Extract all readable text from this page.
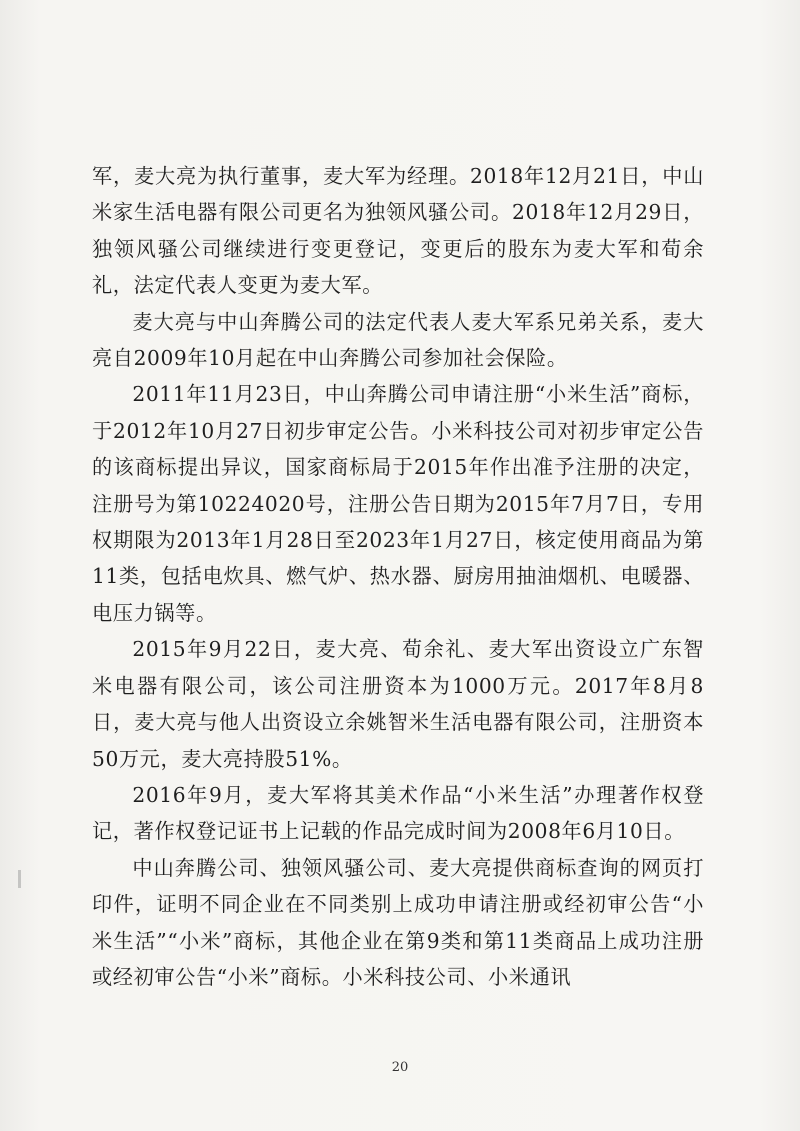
军，麦大亮为执行董事，麦大军为经理。2018年12月21日，中山米家生活电器有限公司更名为独领风骚公司。2018年12月29日，独领风骚公司继续进行变更登记，变更后的股东为麦大军和荀余礼，法定代表人变更为麦大军。

麦大亮与中山奔腾公司的法定代表人麦大军系兄弟关系，麦大亮自2009年10月起在中山奔腾公司参加社会保险。

2011年11月23日，中山奔腾公司申请注册“小米生活”商标，于2012年10月27日初步审定公告。小米科技公司对初步审定公告的该商标提出异议，国家商标局于2015年作出准予注册的决定，注册号为第10224020号，注册公告日期为2015年7月7日，专用权期限为2013年1月28日至2023年1月27日，核定使用商品为第11类，包括电炊具、燃气炉、热水器、厨房用抽油烟机、电暖器、电压力锅等。

2015年9月22日，麦大亮、荀余礼、麦大军出资设立广东智米电器有限公司，该公司注册资本为1000万元。2017年8月8日，麦大亮与他人出资设立余姚智米生活电器有限公司，注册资本50万元，麦大亮持股51%。

2016年9月，麦大军将其美术作品“小米生活”办理著作权登记，著作权登记证书上记载的作品完成时间为2008年6月10日。

中山奔腾公司、独领风骚公司、麦大亮提供商标查询的网页打印件，证明不同企业在不同类别上成功申请注册或经初审公告“小米生活”“小米”商标，其他企业在第9类和第11类商品上成功注册或经初审公告“小米”商标。小米科技公司、小米通讯

20
